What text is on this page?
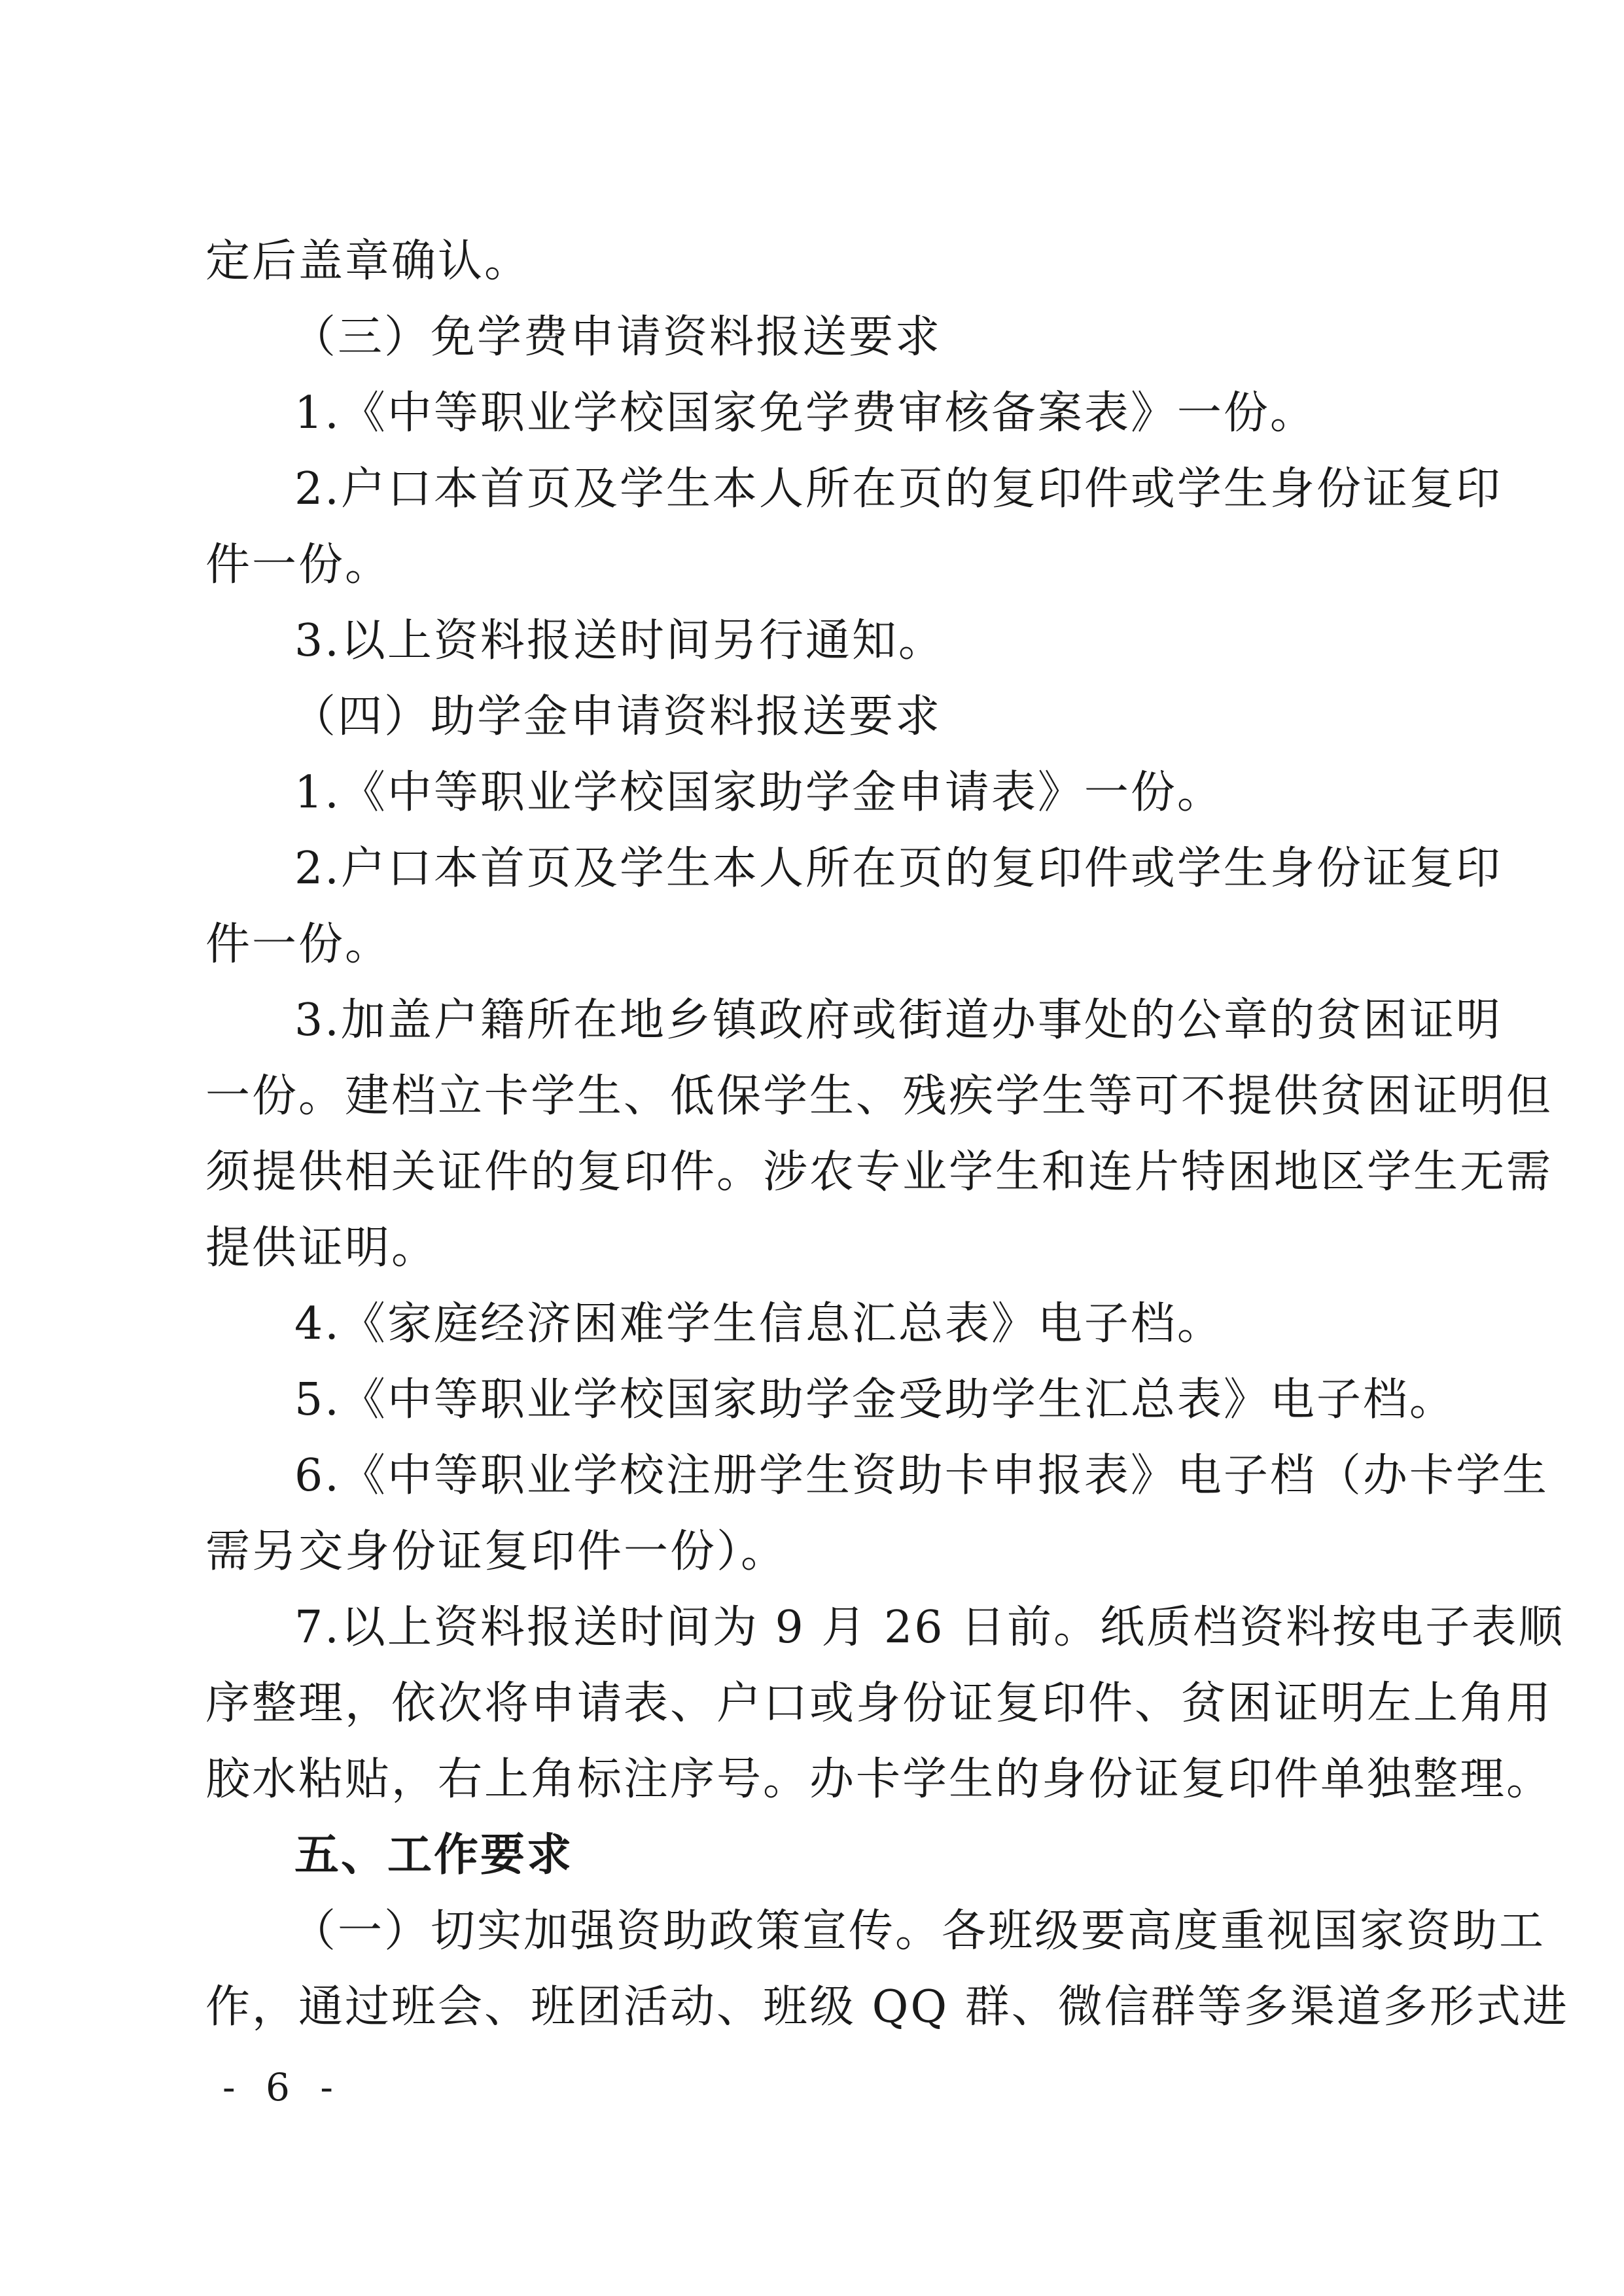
定后盖章确认。
（三）免学费申请资料报送要求
1.《中等职业学校国家免学费审核备案表》一份。
2.户口本首页及学生本人所在页的复印件或学生身份证复印
件一份。
3.以上资料报送时间另行通知。
（四）助学金申请资料报送要求
1.《中等职业学校国家助学金申请表》一份。
2.户口本首页及学生本人所在页的复印件或学生身份证复印
件一份。
3.加盖户籍所在地乡镇政府或街道办事处的公章的贫困证明
一份。建档立卡学生、低保学生、残疾学生等可不提供贫困证明但
须提供相关证件的复印件。涉农专业学生和连片特困地区学生无需
提供证明。
4.《家庭经济困难学生信息汇总表》电子档。
5.《中等职业学校国家助学金受助学生汇总表》电子档。
6.《中等职业学校注册学生资助卡申报表》电子档（办卡学生
需另交身份证复印件一份）。
7.以上资料报送时间为 9 月 26 日前。纸质档资料按电子表顺
序整理，依次将申请表、户口或身份证复印件、贫困证明左上角用
胶水粘贴，右上角标注序号。办卡学生的身份证复印件单独整理。
五、工作要求
（一）切实加强资助政策宣传。各班级要高度重视国家资助工
作，通过班会、班团活动、班级 QQ 群、微信群等多渠道多形式进
- 6 -
